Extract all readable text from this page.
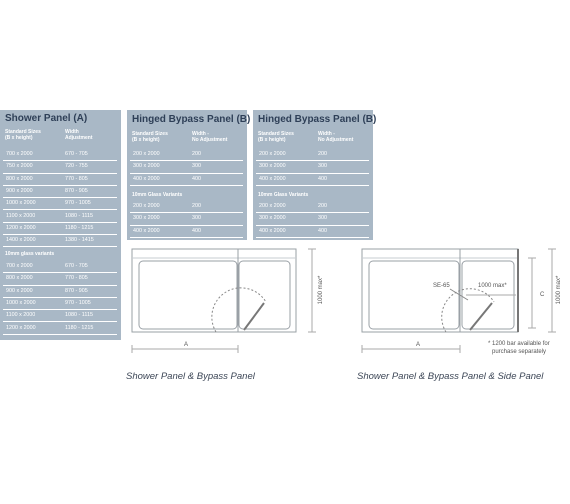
Shower Panel (A)
Standard Sizes
(B x height)
Width
Adjustment
700 x 2000	670 - 705
750 x 2000	720 - 755
800 x 2000	770 - 805
900 x 2000	870 - 905
1000 x 2000	970 - 1005
1100 x 2000	1080 - 1115
1200 x 2000	1180 - 1215
1400 x 2000	1380 - 1415
10mm glass variants
700 x 2000	670 - 705
800 x 2000	770 - 805
900 x 2000	870 - 905
1000 x 2000	970 - 1005
1100 x 2000	1080 - 1115
1200 x 2000	1180 - 1215
Hinged Bypass Panel (B)
Standard Sizes
(B x height)
Width -
No Adjustment
200 x 2000	200
300 x 2000	300
400 x 2000	400
10mm Glass Variants
200 x 2000	200
300 x 2000	300
400 x 2000	400
Hinged Bypass Panel (B)
Standard Sizes
(B x height)
Width -
No Adjustment
200 x 2000	200
300 x 2000	300
400 x 2000	400
10mm Glass Variants
200 x 2000	200
300 x 2000	300
400 x 2000	400
A
1000 max*	SE-65	1000 max*
A
C 1000 max*
* 1200 bar available for
purchase separately
Shower Panel & Bypass Panel	Shower Panel & Bypass Panel & Side Panel
